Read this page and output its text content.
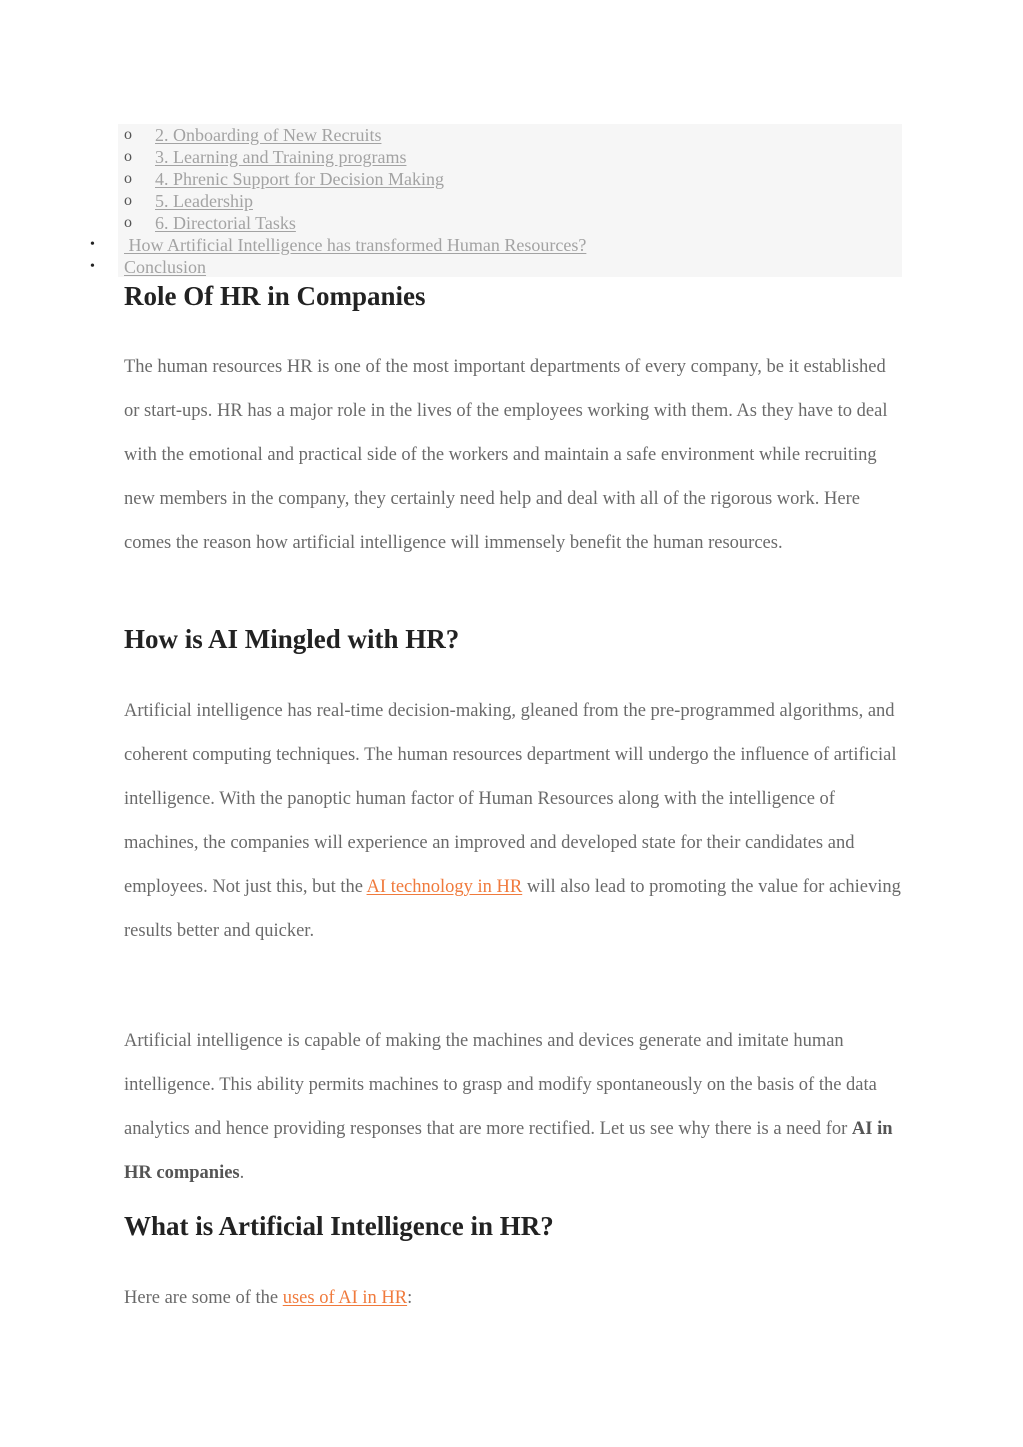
o 2. Onboarding of New Recruits
o 3. Learning and Training programs
o 4. Phrenic Support for Decision Making
o 5. Leadership
o 6. Directorial Tasks
• How Artificial Intelligence has transformed Human Resources?
• Conclusion
Role Of HR in Companies

The human resources HR is one of the most important departments of every company, be it established or start-ups. HR has a major role in the lives of the employees working with them. As they have to deal with the emotional and practical side of the workers and maintain a safe environment while recruiting new members in the company, they certainly need help and deal with all of the rigorous work. Here comes the reason how artificial intelligence will immensely benefit the human resources.

How is AI Mingled with HR?

Artificial intelligence has real-time decision-making, gleaned from the pre-programmed algorithms, and coherent computing techniques. The human resources department will undergo the influence of artificial intelligence. With the panoptic human factor of Human Resources along with the intelligence of machines, the companies will experience an improved and developed state for their candidates and employees. Not just this, but the AI technology in HR will also lead to promoting the value for achieving results better and quicker.

Artificial intelligence is capable of making the machines and devices generate and imitate human intelligence. This ability permits machines to grasp and modify spontaneously on the basis of the data analytics and hence providing responses that are more rectified. Let us see why there is a need for AI in HR companies.

What is Artificial Intelligence in HR?

Here are some of the uses of AI in HR:
